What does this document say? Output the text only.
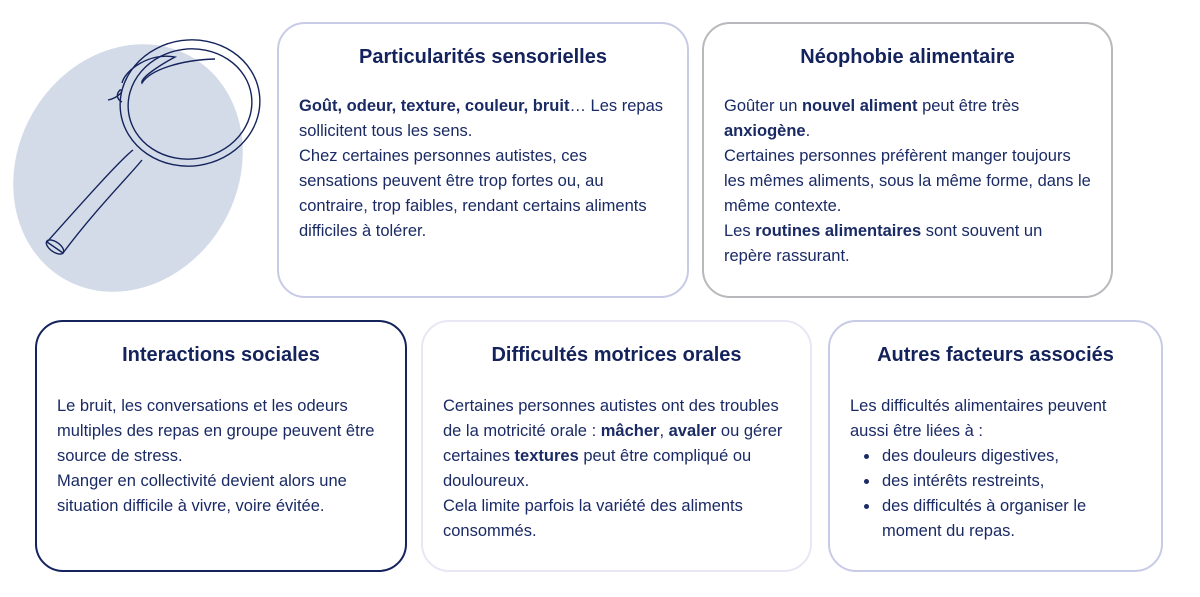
Particularités sensorielles

Goût, odeur, texture, couleur, bruit… Les repas sollicitent tous les sens.

Chez certaines personnes autistes, ces sensations peuvent être trop fortes ou, au contraire, trop faibles, rendant certains aliments difficiles à tolérer.

Néophobie alimentaire

Goûter un nouvel aliment peut être très anxiogène.

Certaines personnes préfèrent manger toujours les mêmes aliments, sous la même forme, dans le même contexte.

Les routines alimentaires sont souvent un repère rassurant.

Interactions sociales

Le bruit, les conversations et les odeurs multiples des repas en groupe peuvent être source de stress.

Manger en collectivité devient alors une situation difficile à vivre, voire évitée.

Difficultés motrices orales

Certaines personnes autistes ont des troubles de la motricité orale : mâcher, avaler ou gérer certaines textures peut être compliqué ou douloureux.

Cela limite parfois la variété des aliments consommés.

Autres facteurs associés

Les difficultés alimentaires peuvent aussi être liées à :

• des douleurs digestives,
• des intérêts restreints,
• des difficultés à organiser le moment du repas.
